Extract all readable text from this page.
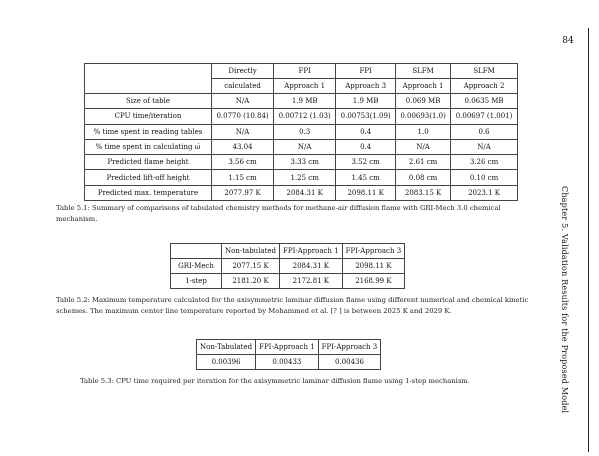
84
Chapter 5. Validation Results for the Proposed Model
	Directly	FPI	FPI	SLFM	SLFM
	calculated	Approach 1	Approach 3	Approach 1	Approach 2
Size of table	N/A	1.9 MB	1.9 MB	0.069 MB	0.0635 MB
CPU time/iteration	0.0770 (10.84)	0.00712 (1.03)	0.00753(1.09)	0.00693(1.0)	0.00697 (1.001)
% time spent in reading tables	N/A	0.3	0.4	1.0	0.6
% time spent in calculating ω̇	43.04	N/A	0.4	N/A	N/A
Predicted flame height	3.56 cm	3.33 cm	3.52 cm	2.61 cm	3.26 cm
Predicted lift-off height	1.15 cm	1.25 cm	1.45 cm	0.08 cm	0.10 cm
Predicted max. temperature	2077.97 K	2084.31 K	2098.11 K	2083.15 K	2023.1 K
Table 5.1: Summary of comparisons of tabulated chemistry methods for methane-air diffusion flame with GRI-Mech 3.0 chemical mechanism.
	Non-tabulated	FPI-Approach 1	FPI-Approach 3
GRI-Mech	2077.15 K	2084.31 K	2098.11 K
1-step	2181.20 K	2172.81 K	2168.99 K
Table 5.2: Maximum temperature calculated for the axisymmetric laminar diffusion flame using different numerical and chemical kinetic schemes. The maximum center line temperature reported by Mohammed et al. [? ] is between 2025 K and 2029 K.
Non-Tabulated	FPI-Approach 1	FPI-Approach 3
0.00396	0.00433	0.00436
Table 5.3: CPU time required per iteration for the axisymmetric laminar diffusion flame using 1-step mechanism.
